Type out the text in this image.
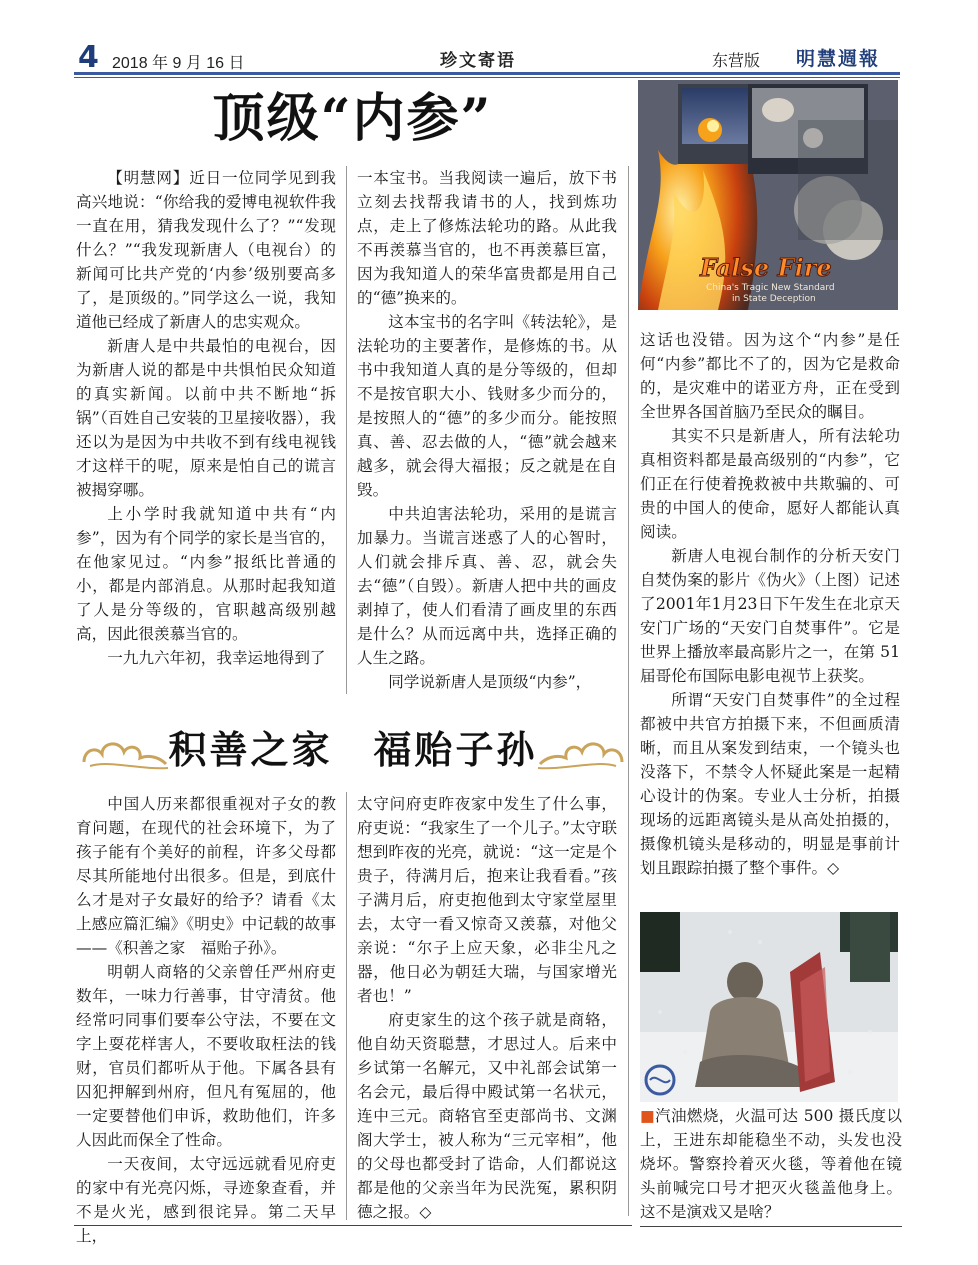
4 2018 年 9 月 16 日	珍文寄语	东营版 明慧週報
顶级“内参”

【明慧网】近日一位同学见到我高兴地说：“你给我的爱博电视软件我一直在用，猜我发现什么了？”“发现什么？”“我发现新唐人（电视台）的新闻可比共产党的‘内参’级别要高多了，是顶级的。”同学这么一说，我知道他已经成了新唐人的忠实观众。

新唐人是中共最怕的电视台，因为新唐人说的都是中共惧怕民众知道的真实新闻。以前中共不断地“拆锅”（百姓自己安装的卫星接收器），我还以为是因为中共收不到有线电视钱才这样干的呢，原来是怕自己的谎言被揭穿哪。

上小学时我就知道中共有“内参”，因为有个同学的家长是当官的，在他家见过。“内参”报纸比普通的小，都是内部消息。从那时起我知道了人是分等级的，官职越高级别越高，因此很羡慕当官的。

一九九六年初，我幸运地得到了

一本宝书。当我阅读一遍后，放下书立刻去找帮我请书的人，找到炼功点，走上了修炼法轮功的路。从此我不再羡慕当官的，也不再羡慕巨富，因为我知道人的荣华富贵都是用自己的“德”换来的。

这本宝书的名字叫《转法轮》，是法轮功的主要著作，是修炼的书。从书中我知道人真的是分等级的，但却不是按官职大小、钱财多少而分的，是按照人的“德”的多少而分。能按照真、善、忍去做的人，“德”就会越来越多，就会得大福报；反之就是在自毁。

中共迫害法轮功，采用的是谎言加暴力。当谎言迷惑了人的心智时，人们就会排斥真、善、忍，就会失去“德”（自毁）。新唐人把中共的画皮剥掉了，使人们看清了画皮里的东西是什么？从而远离中共，选择正确的人生之路。

同学说新唐人是顶级“内参”，

False Fire
China's Tragic New Standard
in State Deception

这话也没错。因为这个“内参”是任何“内参”都比不了的，因为它是救命的，是灾难中的诺亚方舟，正在受到全世界各国首脑乃至民众的瞩目。

其实不只是新唐人，所有法轮功真相资料都是最高级别的“内参”，它们正在行使着挽救被中共欺骗的、可贵的中国人的使命，愿好人都能认真阅读。

新唐人电视台制作的分析天安门自焚伪案的影片《伪火》（上图）记述了2001年1月23日下午发生在北京天安门广场的“天安门自焚事件”。它是世界上播放率最高影片之一，在第 51 届哥伦布国际电影电视节上获奖。

所谓“天安门自焚事件”的全过程都被中共官方拍摄下来，不但画质清晰，而且从案发到结束，一个镜头也没落下，不禁令人怀疑此案是一起精心设计的伪案。专业人士分析，拍摄现场的远距离镜头是从高处拍摄的，摄像机镜头是移动的，明显是事前计划且跟踪拍摄了整个事件。◇

积善之家　 福贻子孙

中国人历来都很重视对子女的教育问题，在现代的社会环境下，为了孩子能有个美好的前程，许多父母都尽其所能地付出很多。但是，到底什么才是对子女最好的给予？请看《太上感应篇汇编》《明史》中记载的故事——《积善之家　福贻子孙》。

明朝人商辂的父亲曾任严州府吏数年，一味力行善事，甘守清贫。他经常叼同事们要奉公守法，不要在文字上耍花样害人，不要收取枉法的钱财，官员们都听从于他。下属各县有囚犯押解到州府，但凡有冤屈的，他一定要替他们申诉，救助他们，许多人因此而保全了性命。

一天夜间，太守远远就看见府吏的家中有光亮闪烁，寻迹象查看，并不是火光，感到很诧异。第二天早上，

太守问府吏昨夜家中发生了什么事，府吏说：“我家生了一个儿子。”太守联想到昨夜的光亮，就说：“这一定是个贵子，待满月后，抱来让我看看。”孩子满月后，府吏抱他到太守家堂屋里去，太守一看又惊奇又羡慕，对他父亲说：“尔子上应天象，必非尘凡之器，他日必为朝廷大瑞，与国家增光者也！”

府吏家生的这个孩子就是商辂，他自幼天资聪慧，才思过人。后来中乡试第一名解元，又中礼部会试第一名会元，最后得中殿试第一名状元，连中三元。商辂官至吏部尚书、文渊阁大学士，被人称为“三元宰相”，他的父母也都受封了诰命，人们都说这都是他的父亲当年为民洗冤，累积阴德之报。◇

■汽油燃烧，火温可达 500 摄氏度以上，王进东却能稳坐不动，头发也没烧坏。警察拎着灭火毯，等着他在镜头前喊完口号才把灭火毯盖他身上。这不是演戏又是啥？
